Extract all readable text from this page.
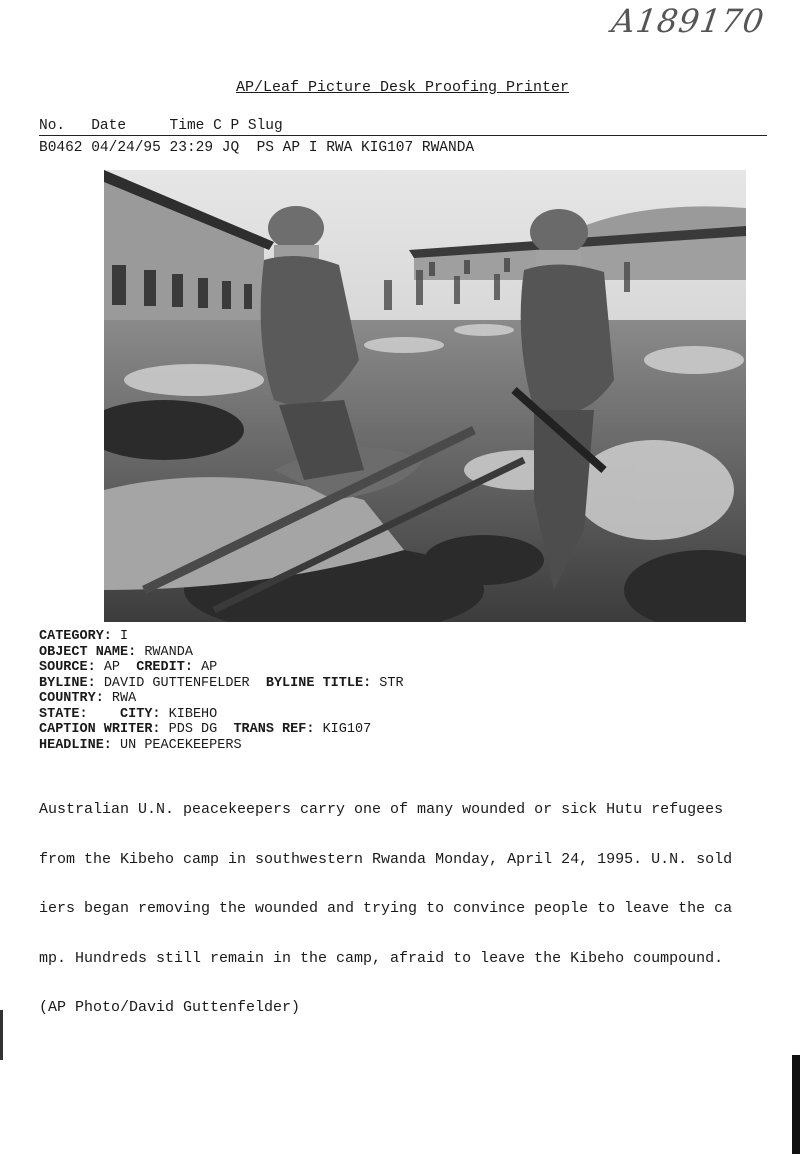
A189170
AP/Leaf Picture Desk Proofing Printer
No. Date	Time C P Slug
B0462 04/24/95 23:29 JQ PS AP I RWA KIG107 RWANDA
CATEGORY: I
OBJECT NAME: RWANDA
SOURCE: AP CREDIT: AP
BYLINE: DAVID GUTTENFELDER BYLINE TITLE: STR
COUNTRY: RWA
STATE: CITY: KIBEHO
CAPTION WRITER: PDS DG TRANS REF: KIG107
HEADLINE: UN PEACEKEEPERS

Australian U.N. peacekeepers carry one of many wounded or sick Hutu refugees

from the Kibeho camp in southwestern Rwanda Monday, April 24, 1995. U.N. sold

iers began removing the wounded and trying to convince people to leave the ca

mp. Hundreds still remain in the camp, afraid to leave the Kibeho coumpound.

(AP Photo/David Guttenfelder)
